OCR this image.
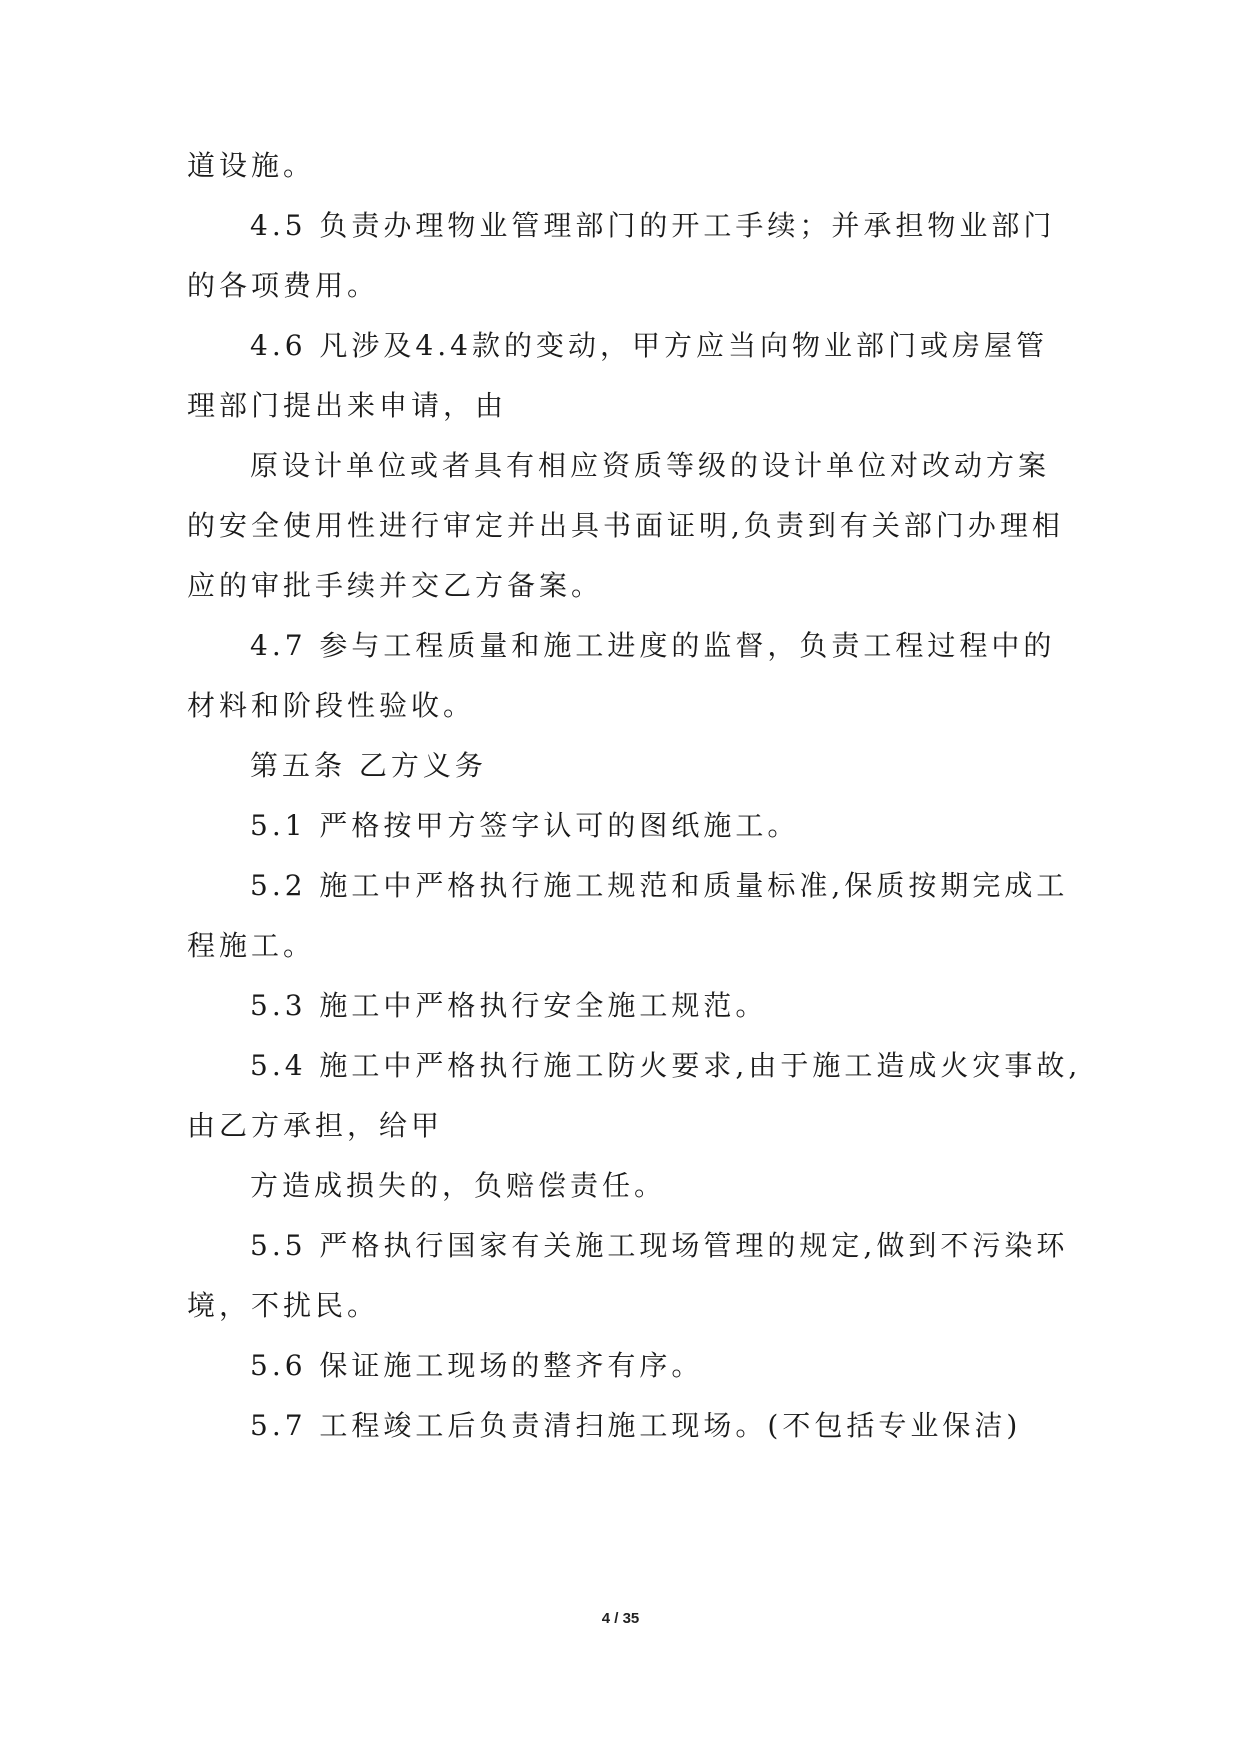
道设施。
4.5 负责办理物业管理部门的开工手续；并承担物业部门
的各项费用。
4.6 凡涉及4.4款的变动，甲方应当向物业部门或房屋管
理部门提出来申请，由
原设计单位或者具有相应资质等级的设计单位对改动方案
的安全使用性进行审定并出具书面证明,负责到有关部门办理相
应的审批手续并交乙方备案。
4.7 参与工程质量和施工进度的监督，负责工程过程中的
材料和阶段性验收。
第五条 乙方义务
5.1 严格按甲方签字认可的图纸施工。
5.2 施工中严格执行施工规范和质量标准,保质按期完成工
程施工。
5.3 施工中严格执行安全施工规范。
5.4 施工中严格执行施工防火要求,由于施工造成火灾事故,
由乙方承担，给甲
方造成损失的，负赔偿责任。
5.5 严格执行国家有关施工现场管理的规定,做到不污染环
境，不扰民。
5.6 保证施工现场的整齐有序。
5.7 工程竣工后负责清扫施工现场。(不包括专业保洁)
4 / 35
